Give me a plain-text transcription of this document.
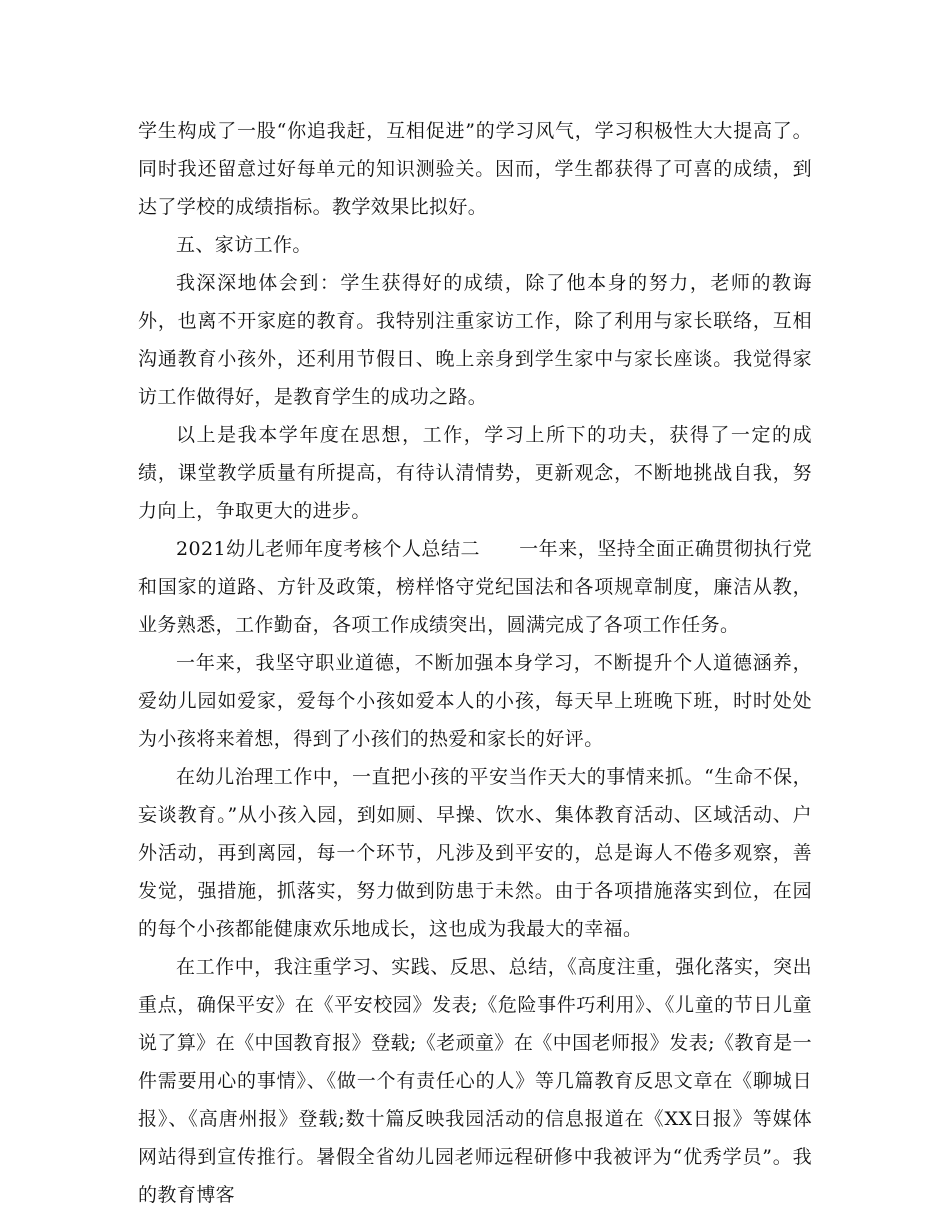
学生构成了一股“你追我赶，互相促进”的学习风气，学习积极性大大提高了。同时我还留意过好每单元的知识测验关。因而，学生都获得了可喜的成绩，到达了学校的成绩指标。教学效果比拟好。

五、家访工作。

我深深地体会到：学生获得好的成绩，除了他本身的努力，老师的教诲外，也离不开家庭的教育。我特别注重家访工作，除了利用与家长联络，互相沟通教育小孩外，还利用节假日、晚上亲身到学生家中与家长座谈。我觉得家访工作做得好，是教育学生的成功之路。

以上是我本学年度在思想，工作，学习上所下的功夫，获得了一定的成绩，课堂教学质量有所提高，有待认清情势，更新观念，不断地挑战自我，努力向上，争取更大的进步。

2021幼儿老师年度考核个人总结二　　一年来，坚持全面正确贯彻执行党和国家的道路、方针及政策，榜样恪守党纪国法和各项规章制度，廉洁从教，业务熟悉，工作勤奋，各项工作成绩突出，圆满完成了各项工作任务。

一年来，我坚守职业道德，不断加强本身学习，不断提升个人道德涵养，爱幼儿园如爱家，爱每个小孩如爱本人的小孩，每天早上班晚下班，时时处处为小孩将来着想，得到了小孩们的热爱和家长的好评。

在幼儿治理工作中，一直把小孩的平安当作天大的事情来抓。“生命不保，妄谈教育。”从小孩入园，到如厕、早操、饮水、集体教育活动、区域活动、户外活动，再到离园，每一个环节，凡涉及到平安的，总是诲人不倦多观察，善发觉，强措施，抓落实，努力做到防患于未然。由于各项措施落实到位，在园的每个小孩都能健康欢乐地成长，这也成为我最大的幸福。

在工作中，我注重学习、实践、反思、总结，《高度注重，强化落实，突出重点，确保平安》在《平安校园》发表;《危险事件巧利用》、《儿童的节日儿童说了算》在《中国教育报》登载;《老顽童》在《中国老师报》发表;《教育是一件需要用心的事情》、《做一个有责任心的人》等几篇教育反思文章在《聊城日报》、《高唐州报》登载;数十篇反映我园活动的信息报道在《XX日报》等媒体网站得到宣传推行。暑假全省幼儿园老师远程研修中我被评为“优秀学员”。我的教育博客
